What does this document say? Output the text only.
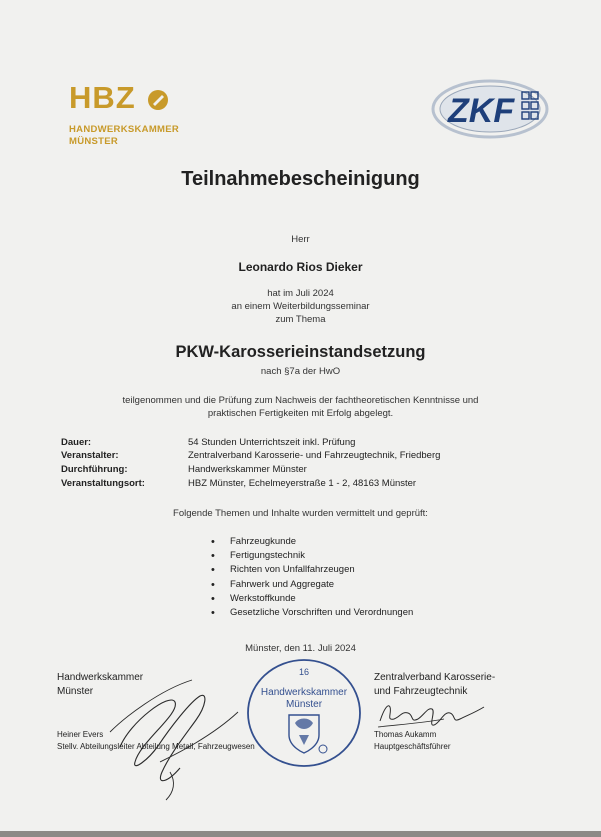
HBZ
HANDWERKSKAMMER
MÜNSTER
ZKF
Teilnahmebescheinigung
Herr
Leonardo Rios Dieker
hat im Juli 2024
an einem Weiterbildungsseminar
zum Thema
PKW-Karosserieinstandsetzung
nach §7a der HwO
teilgenommen und die Prüfung zum Nachweis der fachtheoretischen Kenntnisse und
praktischen Fertigkeiten mit Erfolg abgelegt.
Dauer:	54 Stunden Unterrichtszeit inkl. Prüfung
Veranstalter:	Zentralverband Karosserie- und Fahrzeugtechnik, Friedberg
Durchführung:	Handwerkskammer Münster
Veranstaltungsort:	HBZ Münster, Echelmeyerstraße 1 - 2, 48163 Münster
Folgende Themen und Inhalte wurden vermittelt und geprüft:
• Fahrzeugkunde
• Fertigungstechnik
• Richten von Unfallfahrzeugen
• Fahrwerk und Aggregate
• Werkstoffkunde
• Gesetzliche Vorschriften und Verordnungen
Münster, den 11. Juli 2024
Handwerkskammer
Münster
Heiner Evers
Stellv. Abteilungsleiter Abteilung Metall, Fahrzeugwesen
16
Handwerkskammer
Münster
Zentralverband Karosserie-
und Fahrzeugtechnik
Thomas Aukamm
Hauptgeschäftsführer
